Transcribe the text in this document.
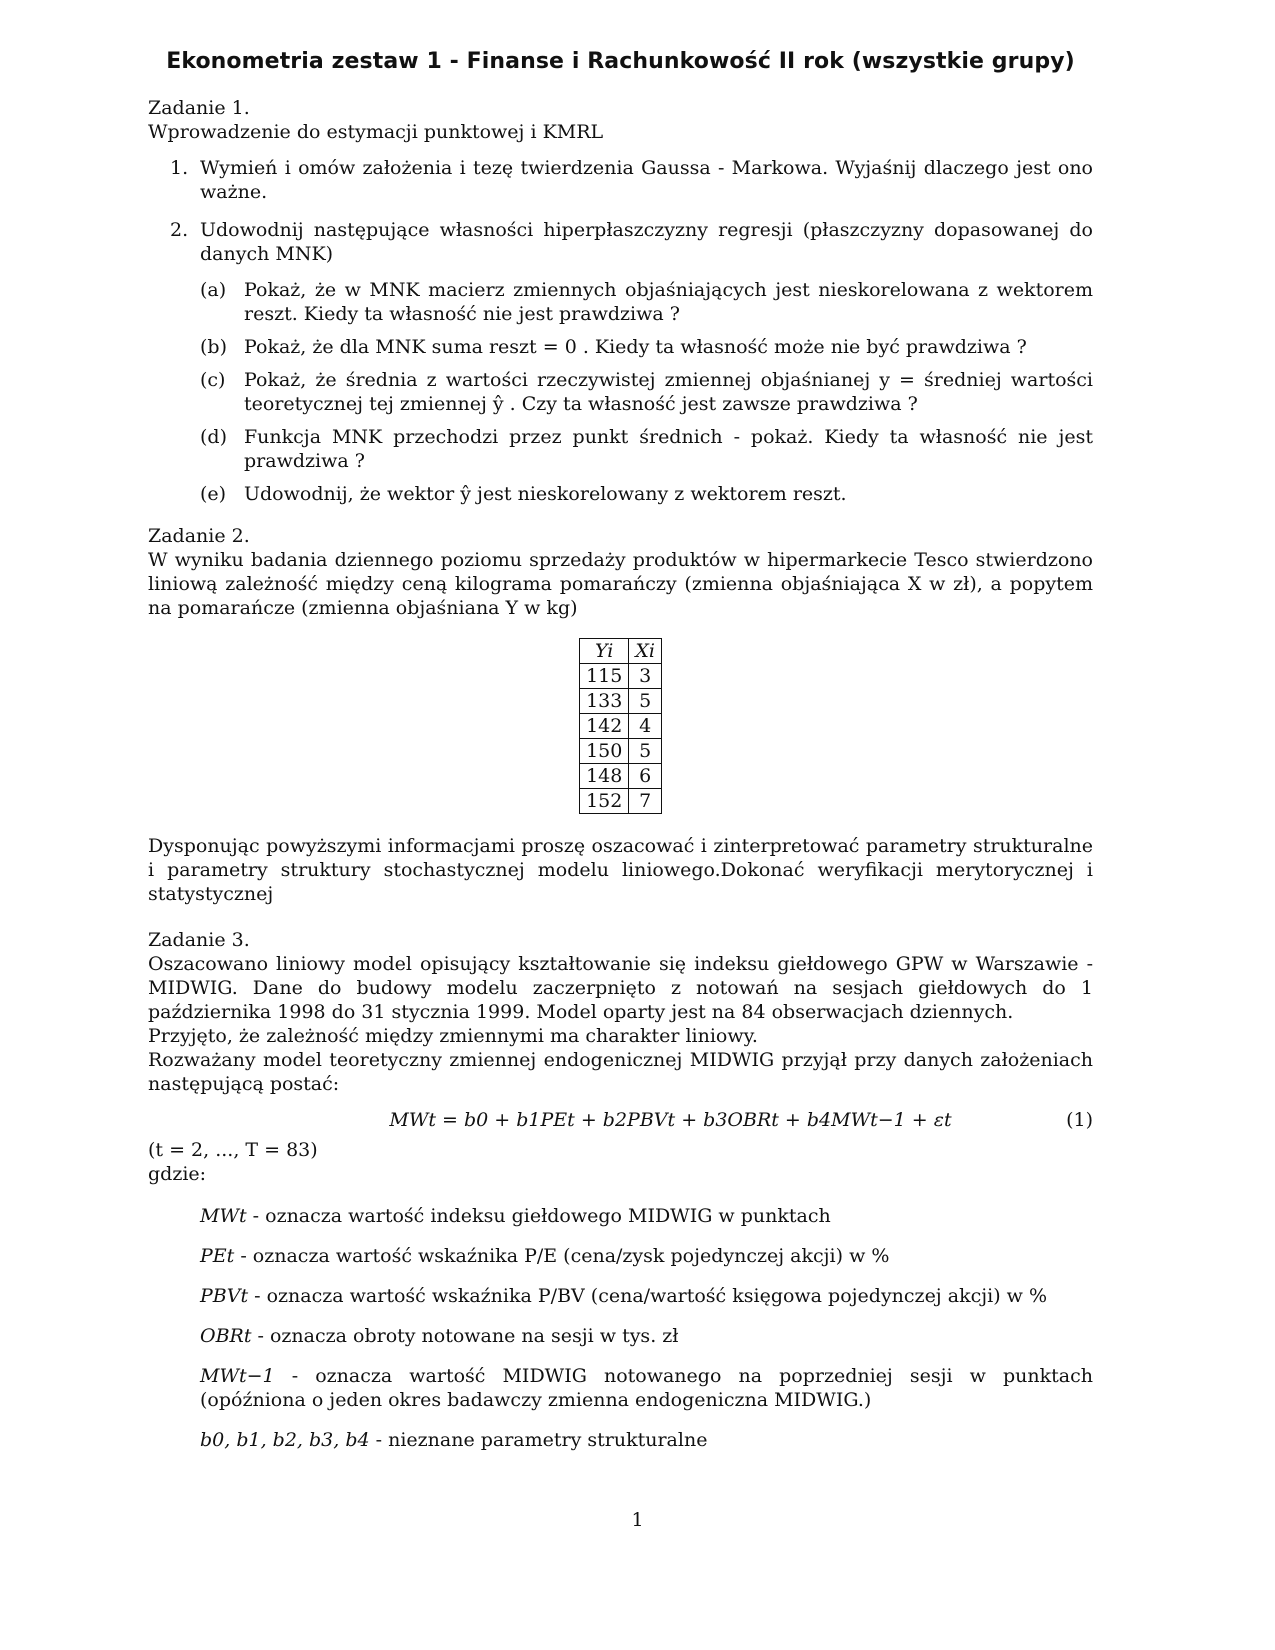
Ekonometria zestaw 1 - Finanse i Rachunkowość II rok (wszystkie grupy)

Zadanie 1.

Wprowadzenie do estymacji punktowej i KMRL

1. Wymień i omów założenia i tezę twierdzenia Gaussa - Markowa. Wyjaśnij dlaczego jest ono ważne.
2. Udowodnij następujące własności hiperpłaszczyzny regresji (płaszczyzny dopasowanej do danych MNK)
(a) Pokaż, że w MNK macierz zmiennych objaśniających jest nieskorelowana z wektorem reszt. Kiedy ta własność nie jest prawdziwa ?
(b) Pokaż, że dla MNK suma reszt = 0 . Kiedy ta własność może nie być prawdziwa ?
(c) Pokaż, że średnia z wartości rzeczywistej zmiennej objaśnianej y = średniej wartości teoretycznej tej zmiennej ŷ . Czy ta własność jest zawsze prawdziwa ?
(d) Funkcja MNK przechodzi przez punkt średnich - pokaż. Kiedy ta własność nie jest prawdziwa ?
(e) Udowodnij, że wektor ŷ jest nieskorelowany z wektorem reszt.

Zadanie 2.

W wyniku badania dziennego poziomu sprzedaży produktów w hipermarkecie Tesco stwierdzono liniową zależność między ceną kilograma pomarańczy (zmienna objaśniająca X w zł), a popytem na pomarańcze (zmienna objaśniana Y w kg)

Yi	Xi
115	3
133	5
142	4
150	5
148	6
152	7

Dysponując powyższymi informacjami proszę oszacować i zinterpretować parametry strukturalne i parametry struktury stochastycznej modelu liniowego.Dokonać weryfikacji merytorycznej i statystycznej

Zadanie 3.

Oszacowano liniowy model opisujący kształtowanie się indeksu giełdowego GPW w Warszawie - MIDWIG. Dane do budowy modelu zaczerpnięto z notowań na sesjach giełdowych do 1 października 1998 do 31 stycznia 1999. Model oparty jest na 84 obserwacjach dziennych.

Przyjęto, że zależność między zmiennymi ma charakter liniowy.

Rozważany model teoretyczny zmiennej endogenicznej MIDWIG przyjął przy danych założeniach następującą postać:

MWt = b0 + b1PEt + b2PBVt + b3OBRt + b4MWt−1 + εt	(1)

(t = 2, ..., T = 83)

gdzie:

MWt - oznacza wartość indeksu giełdowego MIDWIG w punktach

PEt - oznacza wartość wskaźnika P/E (cena/zysk pojedynczej akcji) w %

PBVt - oznacza wartość wskaźnika P/BV (cena/wartość księgowa pojedynczej akcji) w %

OBRt - oznacza obroty notowane na sesji w tys. zł

MWt−1 - oznacza wartość MIDWIG notowanego na poprzedniej sesji w punktach (opóźniona o jeden okres badawczy zmienna endogeniczna MIDWIG.)

b0, b1, b2, b3, b4 - nieznane parametry strukturalne

1
